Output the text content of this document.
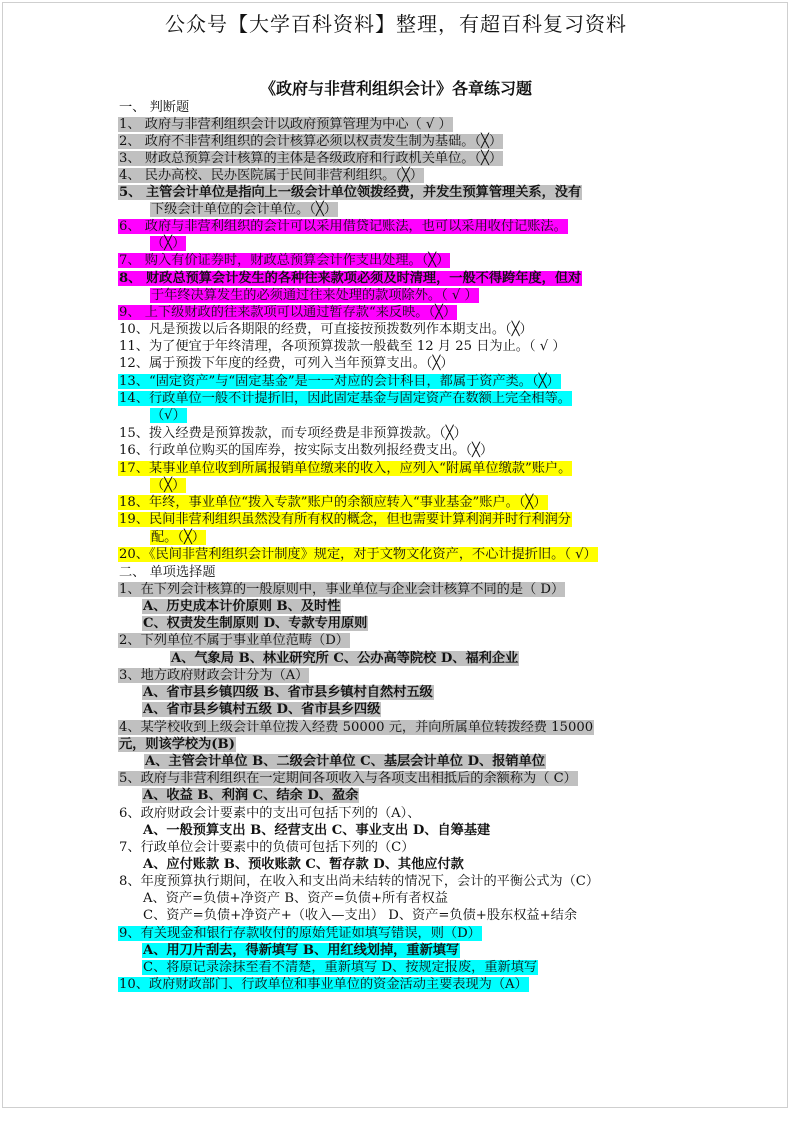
公众号【大学百科资料】整理，有超百科复习资料
《政府与非营利组织会计》各章练习题
一、 判断题
1、 政府与非营利组织会计以政府预算管理为中心（ √ ）
2、 政府不非营利组织的会计核算必须以权责发生制为基础。（╳）
3、 财政总预算会计核算的主体是各级政府和行政机关单位。（╳）
4、 民办高校、民办医院属于民间非营利组织。（╳）
5、 主管会计单位是指向上一级会计单位领拨经费，并发生预算管理关系，没有
下级会计单位的会计单位。（╳）
6、 政府与非营利组织的会计可以采用借贷记账法，也可以采用收付记账法。
（╳）
7、 购入有价证券时，财政总预算会计作支出处理。（╳）
8、 财政总预算会计发生的各种往来款项必须及时清理，一般不得跨年度，但对
于年终决算发生的必须通过往来处理的款项除外。（ √ ）
9、 上下级财政的往来款项可以通过暂存款“来反映。（╳）
10、凡是预拨以后各期限的经费，可直接按预拨数列作本期支出。（╳）
11、为了便宜于年终清理，各项预算拨款一般截至 12 月 25 日为止。（ √ ）
12、属于预拨下年度的经费，可列入当年预算支出。（╳）
13、“固定资产”与“固定基金”是一一对应的会计科目，都属于资产类。（╳）
14、行政单位一般不计提折旧，因此固定基金与固定资产在数额上完全相等。
（√）
15、拨入经费是预算拨款，而专项经费是非预算拨款。（╳）
16、行政单位购买的国库券，按实际支出数列报经费支出。（╳）
17、某事业单位收到所属报销单位缴来的收入，应列入“附属单位缴款”账户。
（╳）
18、年终，事业单位“拨入专款”账户的余额应转入“事业基金”账户。（╳）
19、民间非营利组织虽然没有所有权的概念，但也需要计算利润并时行利润分
配。（╳）
20、《民间非营利组织会计制度》规定，对于文物文化资产，不心计提折旧。（ √）
二、 单项选择题
1、在下列会计核算的一般原则中，事业单位与企业会计核算不同的是（ D）
A、历史成本计价原则 B、及时性
C、权责发生制原则 D、专款专用原则
2、下列单位不属于事业单位范畴（D）
A、气象局 B、林业研究所 C、公办高等院校 D、福利企业
3、地方政府财政会计分为（A）
A、省市县乡镇四级 B、省市县乡镇村自然村五级
A、省市县乡镇村五级 D、省市县乡四级
4、某学校收到上级会计单位拨入经费 50000 元，并向所属单位转拨经费 15000
元，则该学校为(B)
A、主管会计单位 B、二级会计单位 C、基层会计单位 D、报销单位
5、政府与非营利组织在一定期间各项收入与各项支出相抵后的余额称为（ C）
A、收益 B、利润 C、结余 D、盈余
6、政府财政会计要素中的支出可包括下列的（A）、
A、一般预算支出 B、经营支出 C、事业支出 D、自筹基建
7、行政单位会计要素中的负债可包括下列的（C）
A、应付账款 B、预收账款 C、暂存款 D、其他应付款
8、年度预算执行期间，在收入和支出尚未结转的情况下，会计的平衡公式为（C）
A、资产=负债+净资产 B、资产=负债+所有者权益
C、资产=负债+净资产+（收入—支出） D、资产=负债+股东权益+结余
9、有关现金和银行存款收付的原始凭证如填写错误，则（D）
A、用刀片刮去，得新填写 B、用红线划掉，重新填写
C、将原记录涂抹至看不清楚，重新填写 D、按规定报废，重新填写
10、政府财政部门、行政单位和事业单位的资金活动主要表现为（A）
